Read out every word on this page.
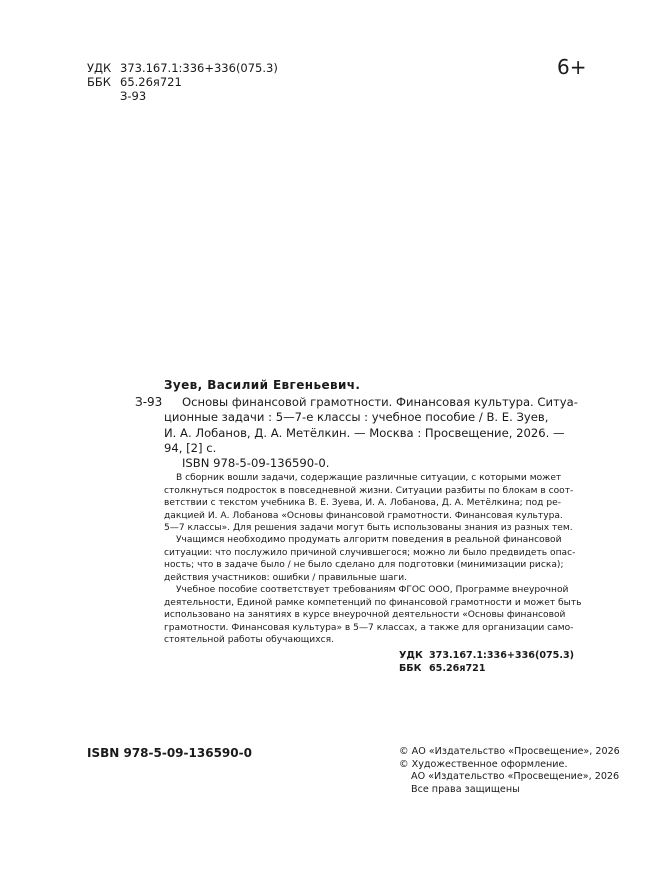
УДК 373.167.1:336+336(075.3)
ББК 65.26я721
З-93
6+
Зуев, Василий Евгеньевич.
З-93 Основы финансовой грамотности. Финансовая культура. Ситуа-
ционные задачи : 5—7-е классы : учебное пособие / В. Е. Зуев,
И. А. Лобанов, Д. А. Метёлкин. — Москва : Просвещение, 2026. —
94, [2] с.
ISBN 978-5-09-136590-0.
В сборник вошли задачи, содержащие различные ситуации, с которыми может
столкнуться подросток в повседневной жизни. Ситуации разбиты по блокам в соот-
ветствии с текстом учебника В. Е. Зуева, И. А. Лобанова, Д. А. Метёлкина; под ре-
дакцией И. А. Лобанова «Основы финансовой грамотности. Финансовая культура.
5—7 классы». Для решения задачи могут быть использованы знания из разных тем.
Учащимся необходимо продумать алгоритм поведения в реальной финансовой
ситуации: что послужило причиной случившегося; можно ли было предвидеть опас-
ность; что в задаче было / не было сделано для подготовки (минимизации риска);
действия участников: ошибки / правильные шаги.
Учебное пособие соответствует требованиям ФГОС ООО, Программе внеурочной
деятельности, Единой рамке компетенций по финансовой грамотности и может быть
использовано на занятиях в курсе внеурочной деятельности «Основы финансовой
грамотности. Финансовая культура» в 5—7 классах, а также для организации само-
стоятельной работы обучающихся.
УДК 373.167.1:336+336(075.3)
ББК 65.26я721
ISBN 978-5-09-136590-0	© АО «Издательство «Просвещение», 2026
© Художественное оформление.
АО «Издательство «Просвещение», 2026
Все права защищены
